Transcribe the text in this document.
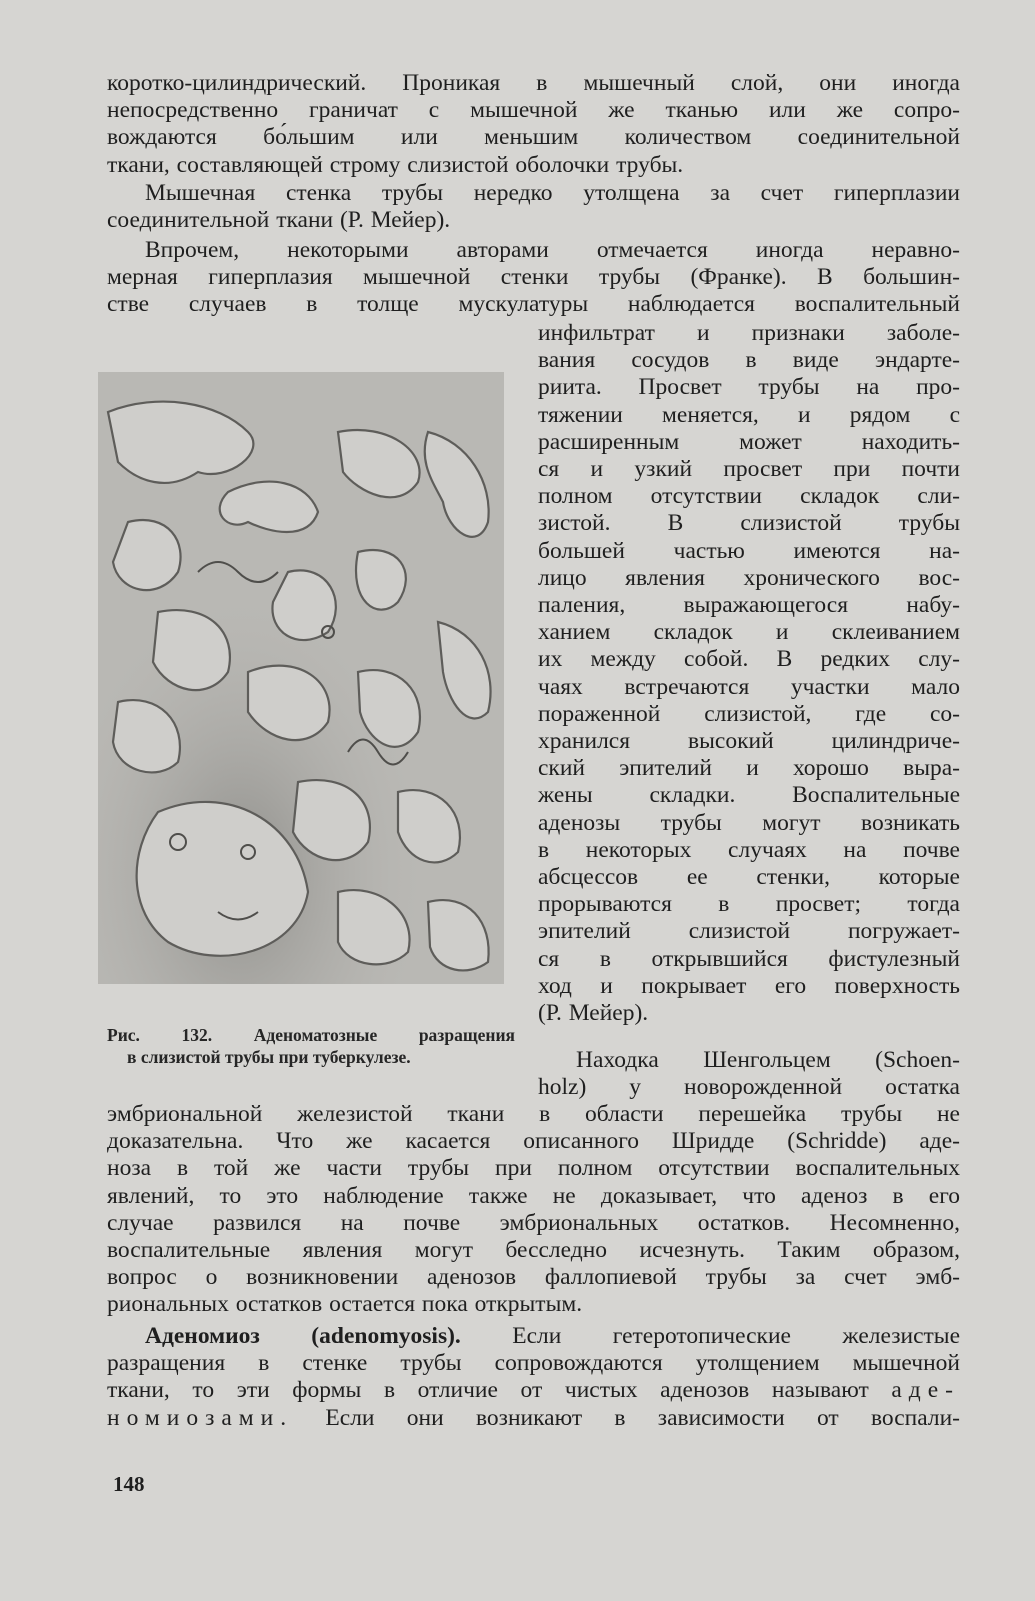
коротко-цилиндрический. Проникая в мышечный слой, они иногда
непосредственно граничат с мышечной же тканью или же сопро-
вождаются бо́льшим или меньшим количеством соединительной
ткани, составляющей строму слизистой оболочки трубы.
Мышечная стенка трубы нередко утолщена за счет гиперплазии
соединительной ткани (Р. Мейер).
Впрочем, некоторыми авторами отмечается иногда неравно-
мерная гиперплазия мышечной стенки трубы (Франке). В большин-
стве случаев в толще мускулатуры наблюдается воспалительный
инфильтрат и признаки заболе-
вания сосудов в виде эндарте-
риита. Просвет трубы на про-
тяжении меняется, и рядом с
расширенным может находить-
ся и узкий просвет при почти
полном отсутствии складок сли-
зистой. В слизистой трубы
большей частью имеются на-
лицо явления хронического вос-
паления, выражающегося набу-
ханием складок и склеиванием
их между собой. В редких слу-
чаях встречаются участки мало
пораженной слизистой, где со-
хранился высокий цилиндриче-
ский эпителий и хорошо выра-
жены складки. Воспалительные
аденозы трубы могут возникать
в некоторых случаях на почве
абсцессов ее стенки, которые
прорываются в просвет; тогда
эпителий слизистой погружает-
ся в открывшийся фистулезный
ход и покрывает его поверхность
(Р. Мейер).
Рис. 132. Аденоматозные разращения
в слизистой трубы при туберкулезе.	Находка Шенгольцем (Schoen-
holz) у новорожденной остатка
эмбриональной железистой ткани в области перешейка трубы не
доказательна. Что же касается описанного Шридде (Schridde) аде-
ноза в той же части трубы при полном отсутствии воспалительных
явлений, то это наблюдение также не доказывает, что аденоз в его
случае развился на почве эмбриональных остатков. Несомненно,
воспалительные явления могут бесследно исчезнуть. Таким образом,
вопрос о возникновении аденозов фаллопиевой трубы за счет эмб-
риональных остатков остается пока открытым.
Аденомиоз (adenomyosis). Если гетеротопические железистые
разращения в стенке трубы сопровождаются утолщением мышечной
ткани, то эти формы в отличие от чистых аденозов называют аде-
номиозами. Если они возникают в зависимости от воспали-
148
